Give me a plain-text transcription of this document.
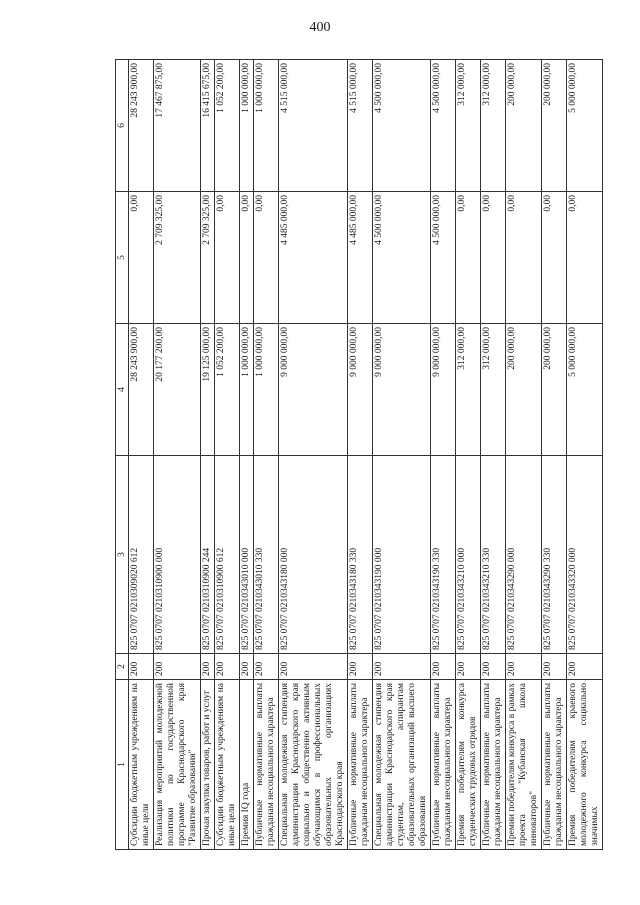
400
1	2	3	4	5	6
Субсидии бюджетным учреждениям на иные цели	200	825 0707 0210309020 612	28 243 900,00	0,00	28 243 900,00
Реализация мероприятий молодежной политики по государственной программе Краснодарского края "Развитие образования"	200	825 0707 0210310900 000	20 177 200,00	2 709 325,00	17 467 875,00
Прочая закупка товаров, работ и услуг	200	825 0707 0210310900 244	19 125 000,00	2 709 325,00	16 415 675,00
Субсидии бюджетным учреждениям на иные цели	200	825 0707 0210310900 612	1 052 200,00	0,00	1 052 200,00
Премия IQ года	200	825 0707 0210343010 000	1 000 000,00	0,00	1 000 000,00
Публичные нормативные выплаты гражданам несоциального характера	200	825 0707 0210343010 330	1 000 000,00	0,00	1 000 000,00
Специальная молодежная стипендия администрации Краснодарского края социально и общественно активным обучающимся в профессиональных образовательных организациях Краснодарского края	200	825 0707 0210343180 000	9 000 000,00	4 485 000,00	4 515 000,00
Публичные нормативные выплаты гражданам несоциального характера	200	825 0707 0210343180 330	9 000 000,00	4 485 000,00	4 515 000,00
Специальная молодежная стипендия администрации Краснодарского края студентам, аспирантам образовательных организаций высшего образования	200	825 0707 0210343190 000	9 000 000,00	4 500 000,00	4 500 000,00
Публичные нормативные выплаты гражданам несоциального характера	200	825 0707 0210343190 330	9 000 000,00	4 500 000,00	4 500 000,00
Премия победителям конкурса студенческих трудовых отрядов	200	825 0707 0210343210 000	312 000,00	0,00	312 000,00
Публичные нормативные выплаты гражданам несоциального характера	200	825 0707 0210343210 330	312 000,00	0,00	312 000,00
Премии победителям конкурса в рамках проекта "Кубанская школа инноваторов"	200	825 0707 0210343290 000	200 000,00	0,00	200 000,00
Публичные нормативные выплаты гражданам несоциального характера	200	825 0707 0210343290 330	200 000,00	0,00	200 000,00
Премия победителям краевого молодежного конкурса социально значимых	200	825 0707 0210343320 000	5 000 000,00	0,00	5 000 000,00
